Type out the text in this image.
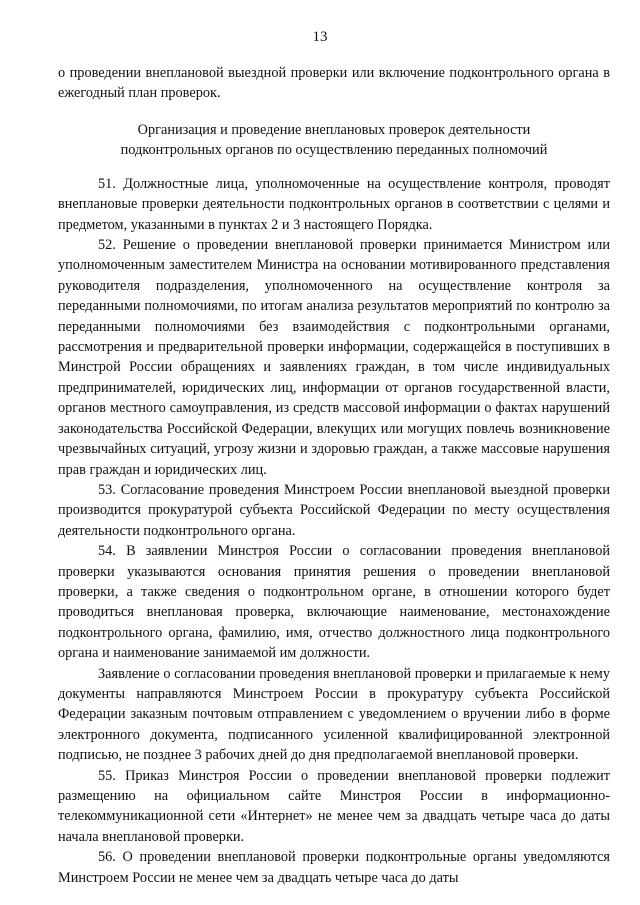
13

о проведении внеплановой выездной проверки или включение подконтрольного органа в ежегодный план проверок.

Организация и проведение внеплановых проверок деятельности
подконтрольных органов по осуществлению переданных полномочий

51. Должностные лица, уполномоченные на осуществление контроля, проводят внеплановые проверки деятельности подконтрольных органов в соответствии с целями и предметом, указанными в пунктах 2 и 3 настоящего Порядка.

52. Решение о проведении внеплановой проверки принимается Министром или уполномоченным заместителем Министра на основании мотивированного представления руководителя подразделения, уполномоченного на осуществление контроля за переданными полномочиями, по итогам анализа результатов мероприятий по контролю за переданными полномочиями без взаимодействия с подконтрольными органами, рассмотрения и предварительной проверки информации, содержащейся в поступивших в Минстрой России обращениях и заявлениях граждан, в том числе индивидуальных предпринимателей, юридических лиц, информации от органов государственной власти, органов местного самоуправления, из средств массовой информации о фактах нарушений законодательства Российской Федерации, влекущих или могущих повлечь возникновение чрезвычайных ситуаций, угрозу жизни и здоровью граждан, а также массовые нарушения прав граждан и юридических лиц.

53. Согласование проведения Минстроем России внеплановой выездной проверки производится прокуратурой субъекта Российской Федерации по месту осуществления деятельности подконтрольного органа.

54. В заявлении Минстроя России о согласовании проведения внеплановой проверки указываются основания принятия решения о проведении внеплановой проверки, а также сведения о подконтрольном органе, в отношении которого будет проводиться внеплановая проверка, включающие наименование, местонахождение подконтрольного органа, фамилию, имя, отчество должностного лица подконтрольного органа и наименование занимаемой им должности.

Заявление о согласовании проведения внеплановой проверки и прилагаемые к нему документы направляются Минстроем России в прокуратуру субъекта Российской Федерации заказным почтовым отправлением с уведомлением о вручении либо в форме электронного документа, подписанного усиленной квалифицированной электронной подписью, не позднее 3 рабочих дней до дня предполагаемой внеплановой проверки.

55. Приказ Минстроя России о проведении внеплановой проверки подлежит размещению на официальном сайте Минстроя России в информационно-телекоммуникационной сети «Интернет» не менее чем за двадцать четыре часа до даты начала внеплановой проверки.

56. О проведении внеплановой проверки подконтрольные органы уведомляются Минстроем России не менее чем за двадцать четыре часа до даты
